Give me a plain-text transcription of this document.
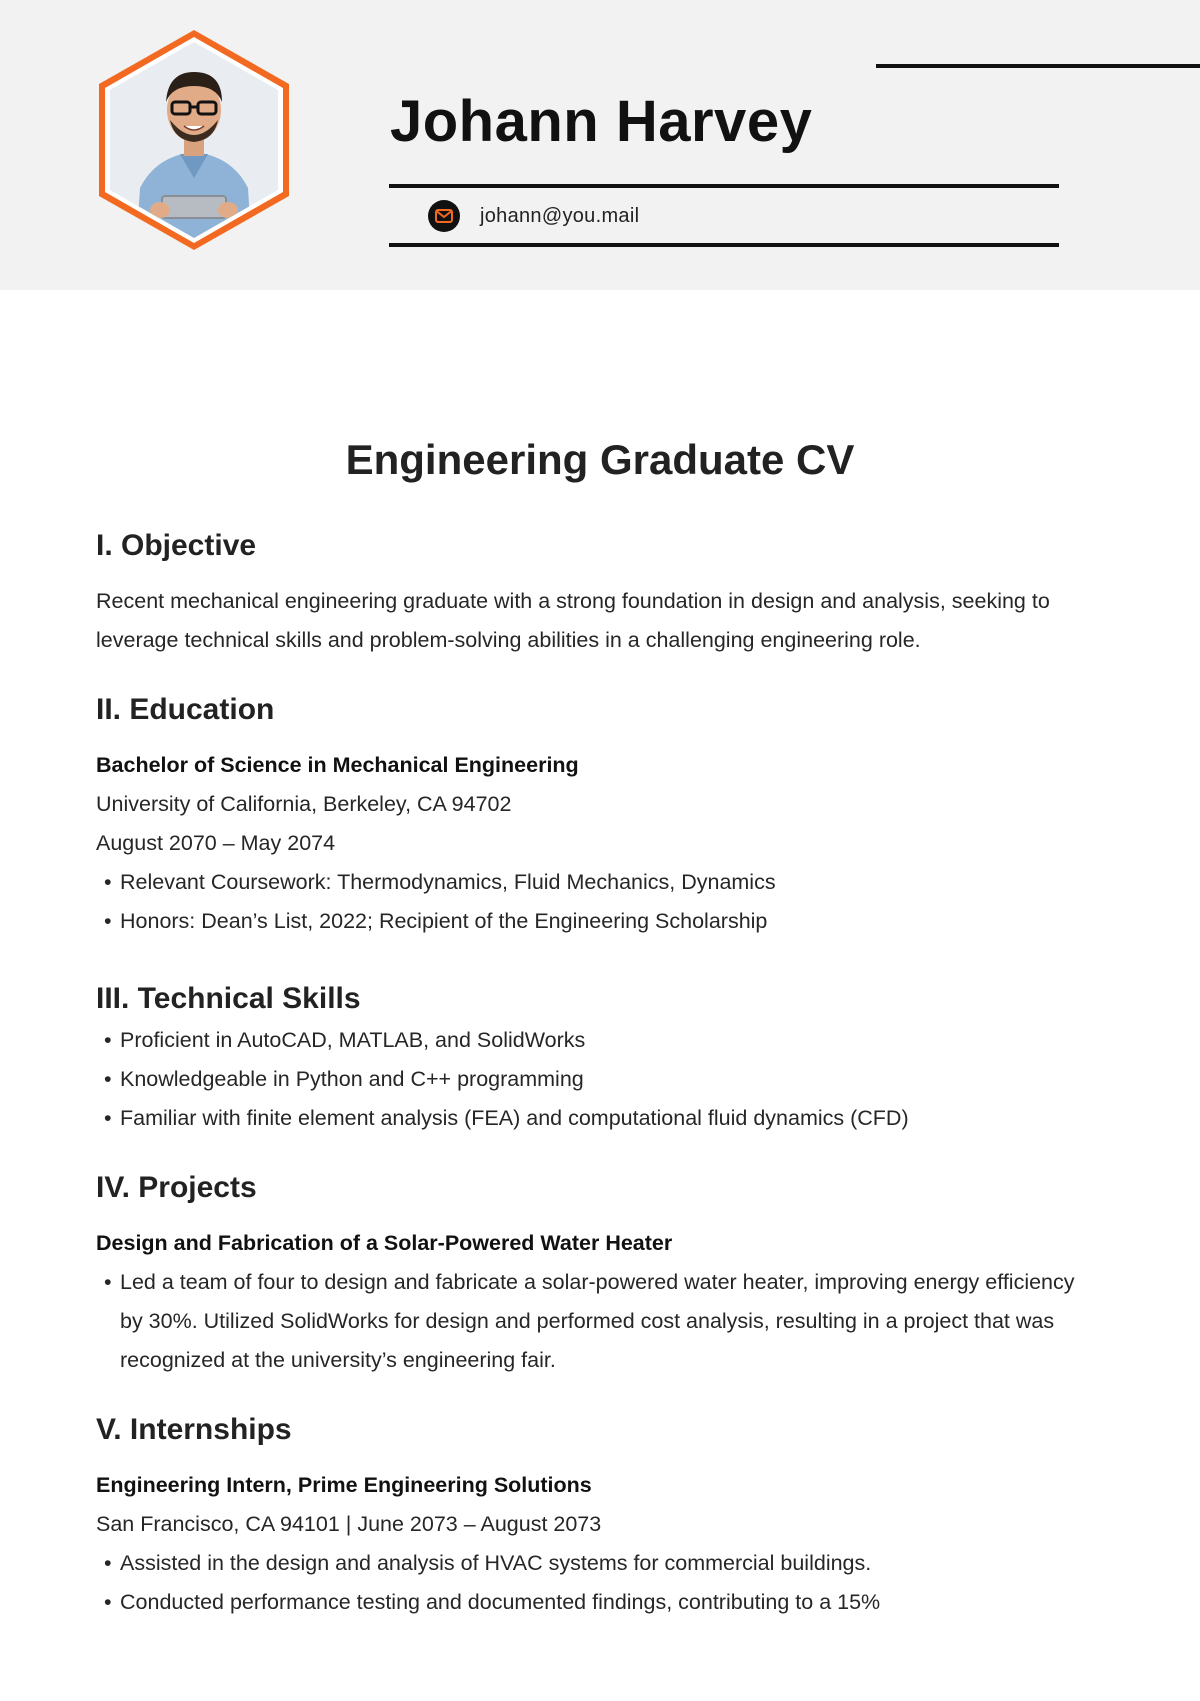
Johann Harvey
johann@you.mail
Engineering Graduate CV
I. Objective

Recent mechanical engineering graduate with a strong foundation in design and analysis, seeking to leverage technical skills and problem-solving abilities in a challenging engineering role.

II. Education
Bachelor of Science in Mechanical Engineering
University of California, Berkeley, CA 94702
August 2070 – May 2074
• Relevant Coursework: Thermodynamics, Fluid Mechanics, Dynamics
• Honors: Dean’s List, 2022; Recipient of the Engineering Scholarship
III. Technical Skills
• Proficient in AutoCAD, MATLAB, and SolidWorks
• Knowledgeable in Python and C++ programming
• Familiar with finite element analysis (FEA) and computational fluid dynamics (CFD)
IV. Projects
Design and Fabrication of a Solar-Powered Water Heater
• Led a team of four to design and fabricate a solar-powered water heater, improving energy efficiency by 30%. Utilized SolidWorks for design and performed cost analysis, resulting in a project that was recognized at the university’s engineering fair.
V. Internships
Engineering Intern, Prime Engineering Solutions
San Francisco, CA 94101 | June 2073 – August 2073
• Assisted in the design and analysis of HVAC systems for commercial buildings.
• Conducted performance testing and documented findings, contributing to a 15%
